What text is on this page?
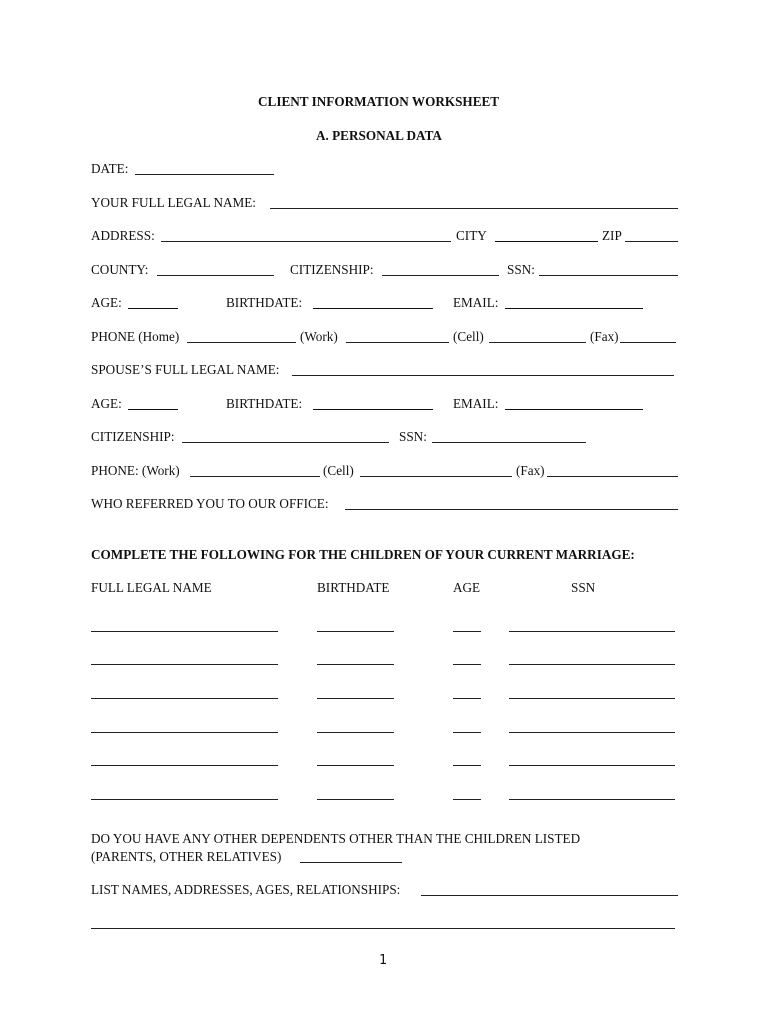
CLIENT INFORMATION WORKSHEET
A. PERSONAL DATA
DATE:
YOUR FULL LEGAL NAME:
ADDRESS:	CITY	ZIP
COUNTY:	CITIZENSHIP:	SSN:
AGE:	BIRTHDATE:	EMAIL:
PHONE (Home)	(Work)	(Cell)	(Fax)
SPOUSE’S FULL LEGAL NAME:
AGE:	BIRTHDATE:	EMAIL:
CITIZENSHIP:	SSN:
PHONE: (Work)	(Cell)	(Fax)
WHO REFERRED YOU TO OUR OFFICE:
COMPLETE THE FOLLOWING FOR THE CHILDREN OF YOUR CURRENT MARRIAGE:
FULL LEGAL NAME	BIRTHDATE	AGE	SSN
DO YOU HAVE ANY OTHER DEPENDENTS OTHER THAN THE CHILDREN LISTED
(PARENTS, OTHER RELATIVES)
LIST NAMES, ADDRESSES, AGES, RELATIONSHIPS:
1
